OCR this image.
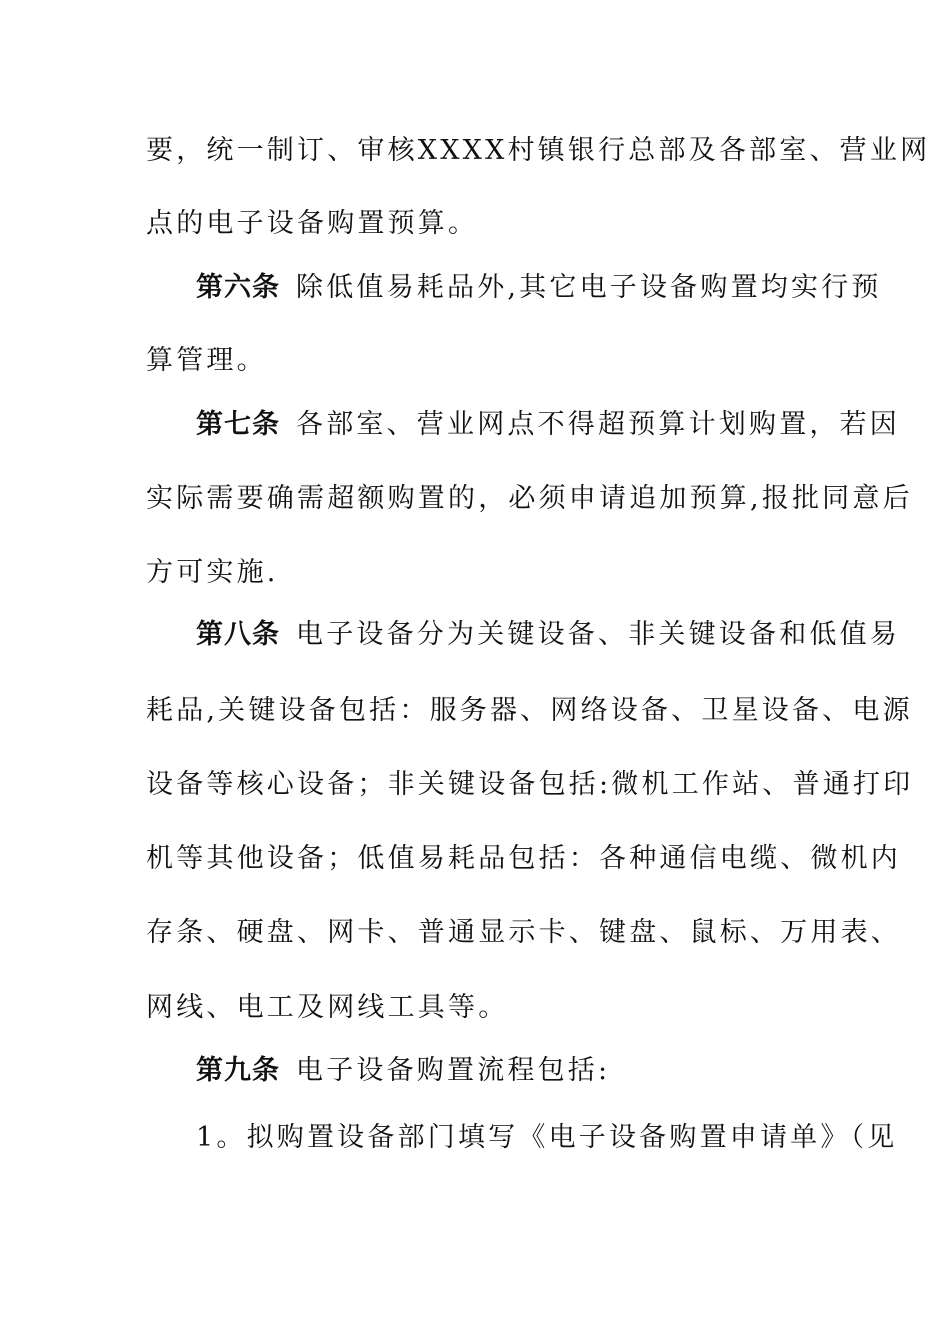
要，统一制订、审核XXXX村镇银行总部及各部室、营业网
点的电子设备购置预算。
第六条 除低值易耗品外,其它电子设备购置均实行预
算管理。
第七条 各部室、营业网点不得超预算计划购置，若因
实际需要确需超额购置的，必须申请追加预算,报批同意后
方可实施.
第八条 电子设备分为关键设备、非关键设备和低值易
耗品,关键设备包括：服务器、网络设备、卫星设备、电源
设备等核心设备；非关键设备包括:微机工作站、普通打印
机等其他设备；低值易耗品包括：各种通信电缆、微机内
存条、硬盘、网卡、普通显示卡、键盘、鼠标、万用表、
网线、电工及网线工具等。
第九条 电子设备购置流程包括:
1。拟购置设备部门填写《电子设备购置申请单》（见
